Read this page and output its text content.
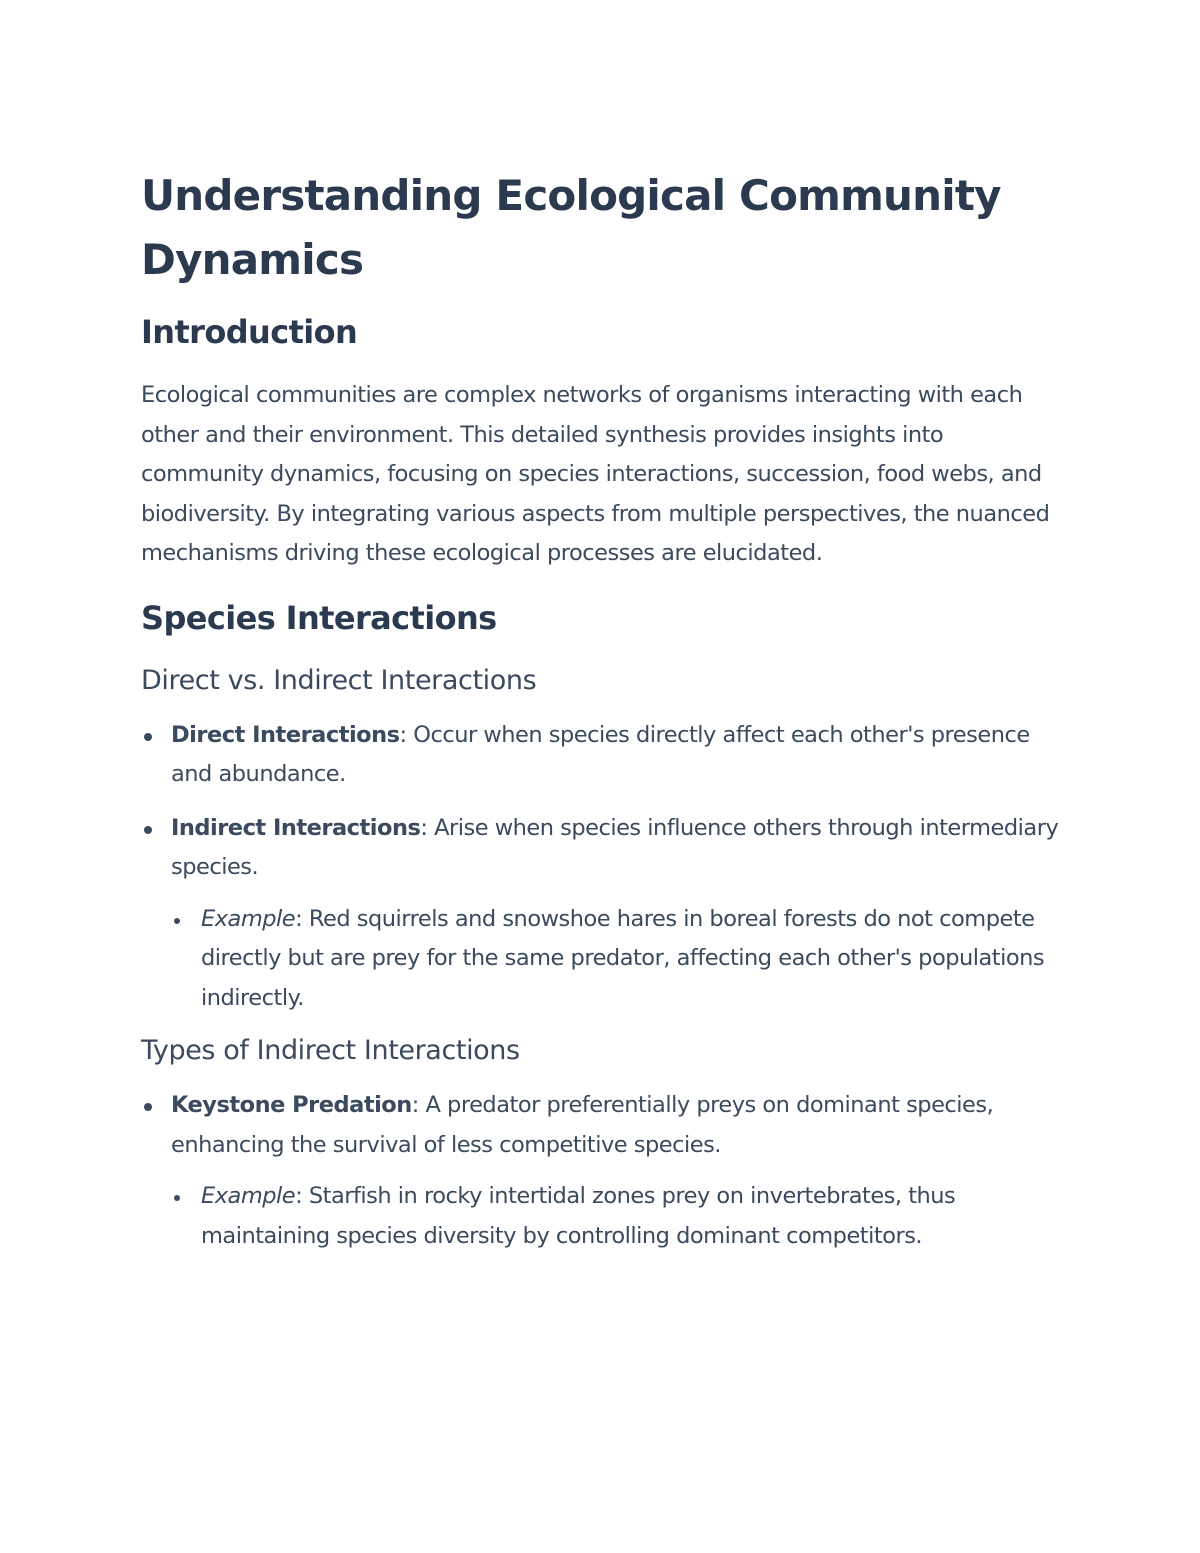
Understanding Ecological Community Dynamics
Introduction

Ecological communities are complex networks of organisms interacting with each other and their environment. This detailed synthesis provides insights into community dynamics, focusing on species interactions, succession, food webs, and biodiversity. By integrating various aspects from multiple perspectives, the nuanced mechanisms driving these ecological processes are elucidated.

Species Interactions
Direct vs. Indirect Interactions
Direct Interactions: Occur when species directly affect each other's presence and abundance.
Indirect Interactions: Arise when species influence others through intermediary species.
Example: Red squirrels and snowshoe hares in boreal forests do not compete directly but are prey for the same predator, affecting each other's populations indirectly.
Types of Indirect Interactions
Keystone Predation: A predator preferentially preys on dominant species, enhancing the survival of less competitive species.
Example: Starfish in rocky intertidal zones prey on invertebrates, thus maintaining species diversity by controlling dominant competitors.
